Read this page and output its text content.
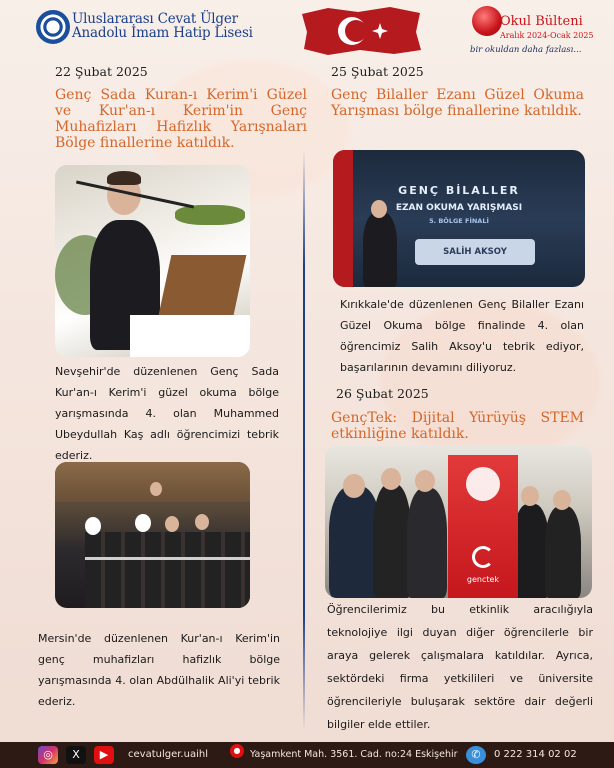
Uluslararası Cevat Ülger
Anadolu İmam Hatip Lisesi
Okul Bülteni
Aralık 2024-Ocak 2025
bir okuldan daha fazlası...
22 Şubat 2025
Genç Sada Kuran-ı Kerim'i Güzel ve Kur'an-ı Kerim'in Genç Muhafizları Hafizlık Yarışnaları Bölge finallerine katıldık.
Nevşehir'de düzenlenen Genç Sada Kur'an-ı Kerim'i güzel okuma bölge yarışmasında 4. olan Muhammed Ubeydullah Kaş adlı öğrencimizi tebrik ederiz.
Mersin'de düzenlenen Kur'an-ı Kerim'in genç muhafizları hafizlık bölge yarışmasında 4. olan Abdülhalik Ali'yi tebrik ederiz.
25 Şubat 2025
Genç Bilaller Ezanı Güzel Okuma Yarışması bölge finallerine katıldık.
GENÇ BİLALLER
EZAN OKUMA YARIŞMASI
5. BÖLGE FİNALİ
SALİH AKSOY
Kırıkkale'de düzenlenen Genç Bilaller Ezanı Güzel Okuma bölge finalinde 4. olan öğrencimiz Salih Aksoy'u tebrik ediyor, başarılarının devamını diliyoruz.
26 Şubat 2025
GençTek: Dijital Yürüyüş STEM etkinliğine katıldık.
genctek
Öğrencilerimiz bu etkinlik aracılığıyla teknolojiye ilgi duyan diğer öğrencilerle bir araya gelerek çalışmalara katıldılar. Ayrıca, sektördeki firma yetkilileri ve üniversite öğrencileriyle buluşarak sektöre dair değerli bilgiler elde ettiler.
◎	X	▶	cevatulger.uaihl	●	Yaşamkent Mah. 3561. Cad. no:24 Eskişehir	✆	0 222 314 02 02
